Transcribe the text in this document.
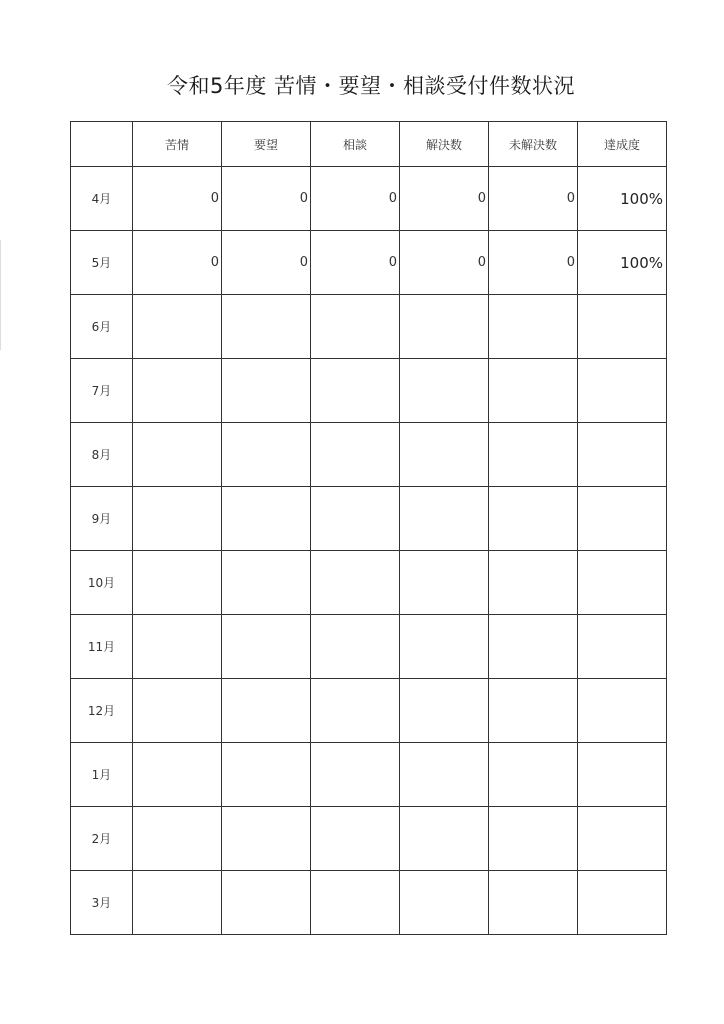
令和5年度 苦情・要望・相談受付件数状況
	苦情	要望	相談	解決数	未解決数	達成度
4月	0	0	0	0	0	100%
5月	0	0	0	0	0	100%
6月						
7月						
8月						
9月						
10月						
11月						
12月						
1月						
2月						
3月						
